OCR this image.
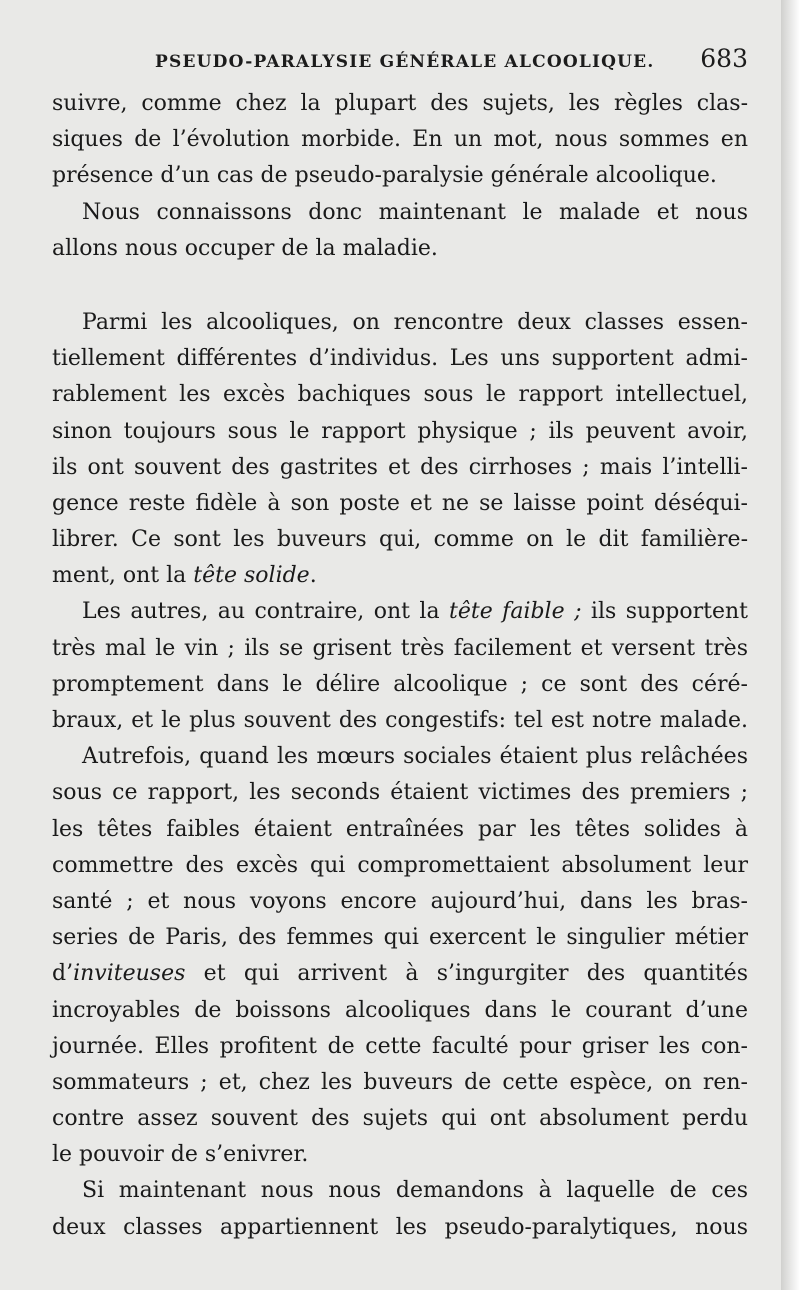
PSEUDO-PARALYSIE GÉNÉRALE ALCOOLIQUE. 683
suivre, comme chez la plupart des sujets, les règles clas-
siques de l’évolution morbide. En un mot, nous sommes en
présence d’un cas de pseudo-paralysie générale alcoolique.
Nous connaissons donc maintenant le malade et nous
allons nous occuper de la maladie.
Parmi les alcooliques, on rencontre deux classes essen-
tiellement différentes d’individus. Les uns supportent admi-
rablement les excès bachiques sous le rapport intellectuel,
sinon toujours sous le rapport physique ; ils peuvent avoir,
ils ont souvent des gastrites et des cirrhoses ; mais l’intelli-
gence reste fidèle à son poste et ne se laisse point déséqui-
librer. Ce sont les buveurs qui, comme on le dit familière-
ment, ont la tête solide.
Les autres, au contraire, ont la tête faible ; ils supportent
très mal le vin ; ils se grisent très facilement et versent très
promptement dans le délire alcoolique ; ce sont des céré-
braux, et le plus souvent des congestifs: tel est notre malade.
Autrefois, quand les mœurs sociales étaient plus relâchées
sous ce rapport, les seconds étaient victimes des premiers ;
les têtes faibles étaient entraînées par les têtes solides à
commettre des excès qui compromettaient absolument leur
santé ; et nous voyons encore aujourd’hui, dans les bras-
series de Paris, des femmes qui exercent le singulier métier
d’inviteuses et qui arrivent à s’ingurgiter des quantités
incroyables de boissons alcooliques dans le courant d’une
journée. Elles profitent de cette faculté pour griser les con-
sommateurs ; et, chez les buveurs de cette espèce, on ren-
contre assez souvent des sujets qui ont absolument perdu
le pouvoir de s’enivrer.
Si maintenant nous nous demandons à laquelle de ces
deux classes appartiennent les pseudo-paralytiques, nous
